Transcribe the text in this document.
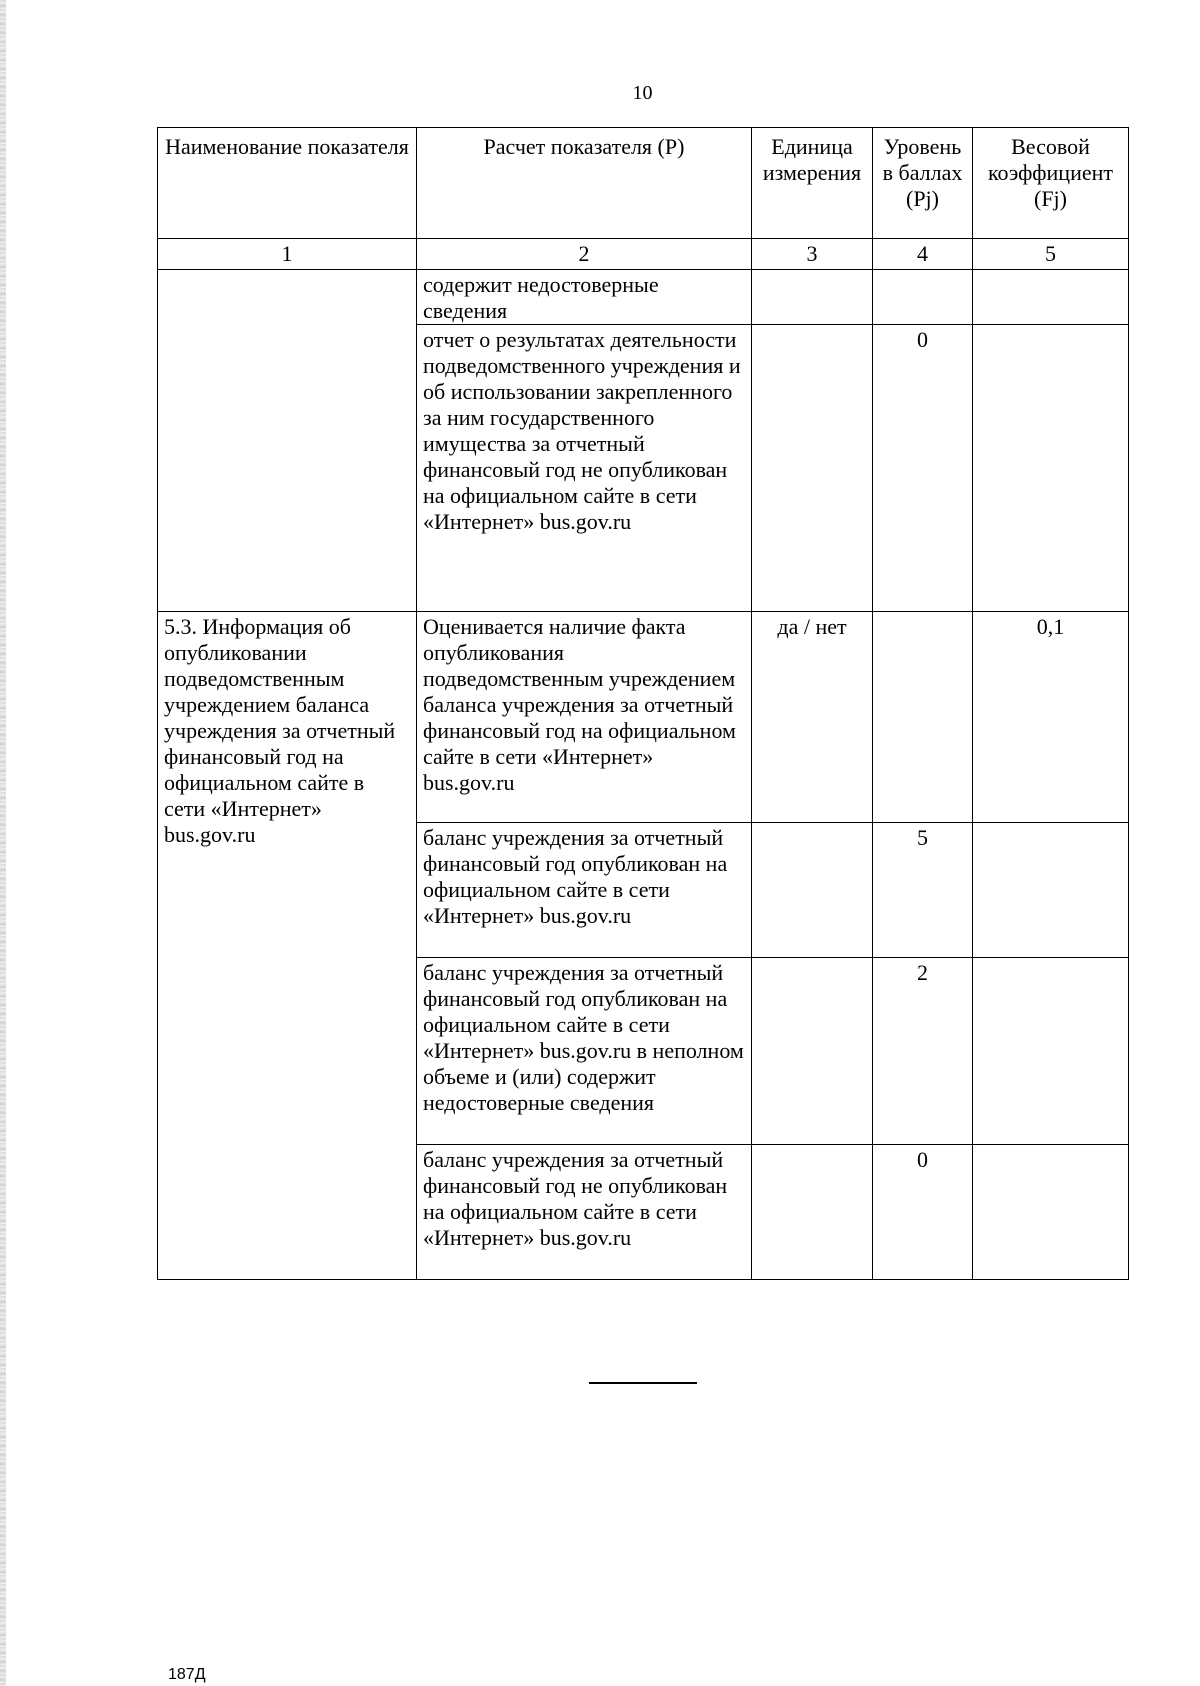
10
Наименование показателя	Расчет показателя (P)	Единица измерения	Уровень в баллах (Pj)	Весовой коэффициент (Fj)
1	2	3	4	5
	содержит недостоверные сведения			
	отчет о результатах деятельности подведомственного учреждения и об использовании закрепленного за ним государственного имущества за отчетный финансовый год не опубликован на официальном сайте в сети «Интернет» bus.gov.ru		0	
5.3. Информация об опубликовании подведомственным учреждением баланса учреждения за отчетный финансовый год на официальном сайте в сети «Интернет» bus.gov.ru	Оценивается наличие факта опубликования подведомственным учреждением баланса учреждения за отчетный финансовый год на официальном сайте в сети «Интернет» bus.gov.ru	да / нет		0,1
	баланс учреждения за отчетный финансовый год опубликован на официальном сайте в сети «Интернет» bus.gov.ru		5	
	баланс учреждения за отчетный финансовый год опубликован на официальном сайте в сети «Интернет» bus.gov.ru в неполном объеме и (или) содержит недостоверные сведения		2	
	баланс учреждения за отчетный финансовый год не опубликован на официальном сайте в сети «Интернет» bus.gov.ru		0	
187Д
